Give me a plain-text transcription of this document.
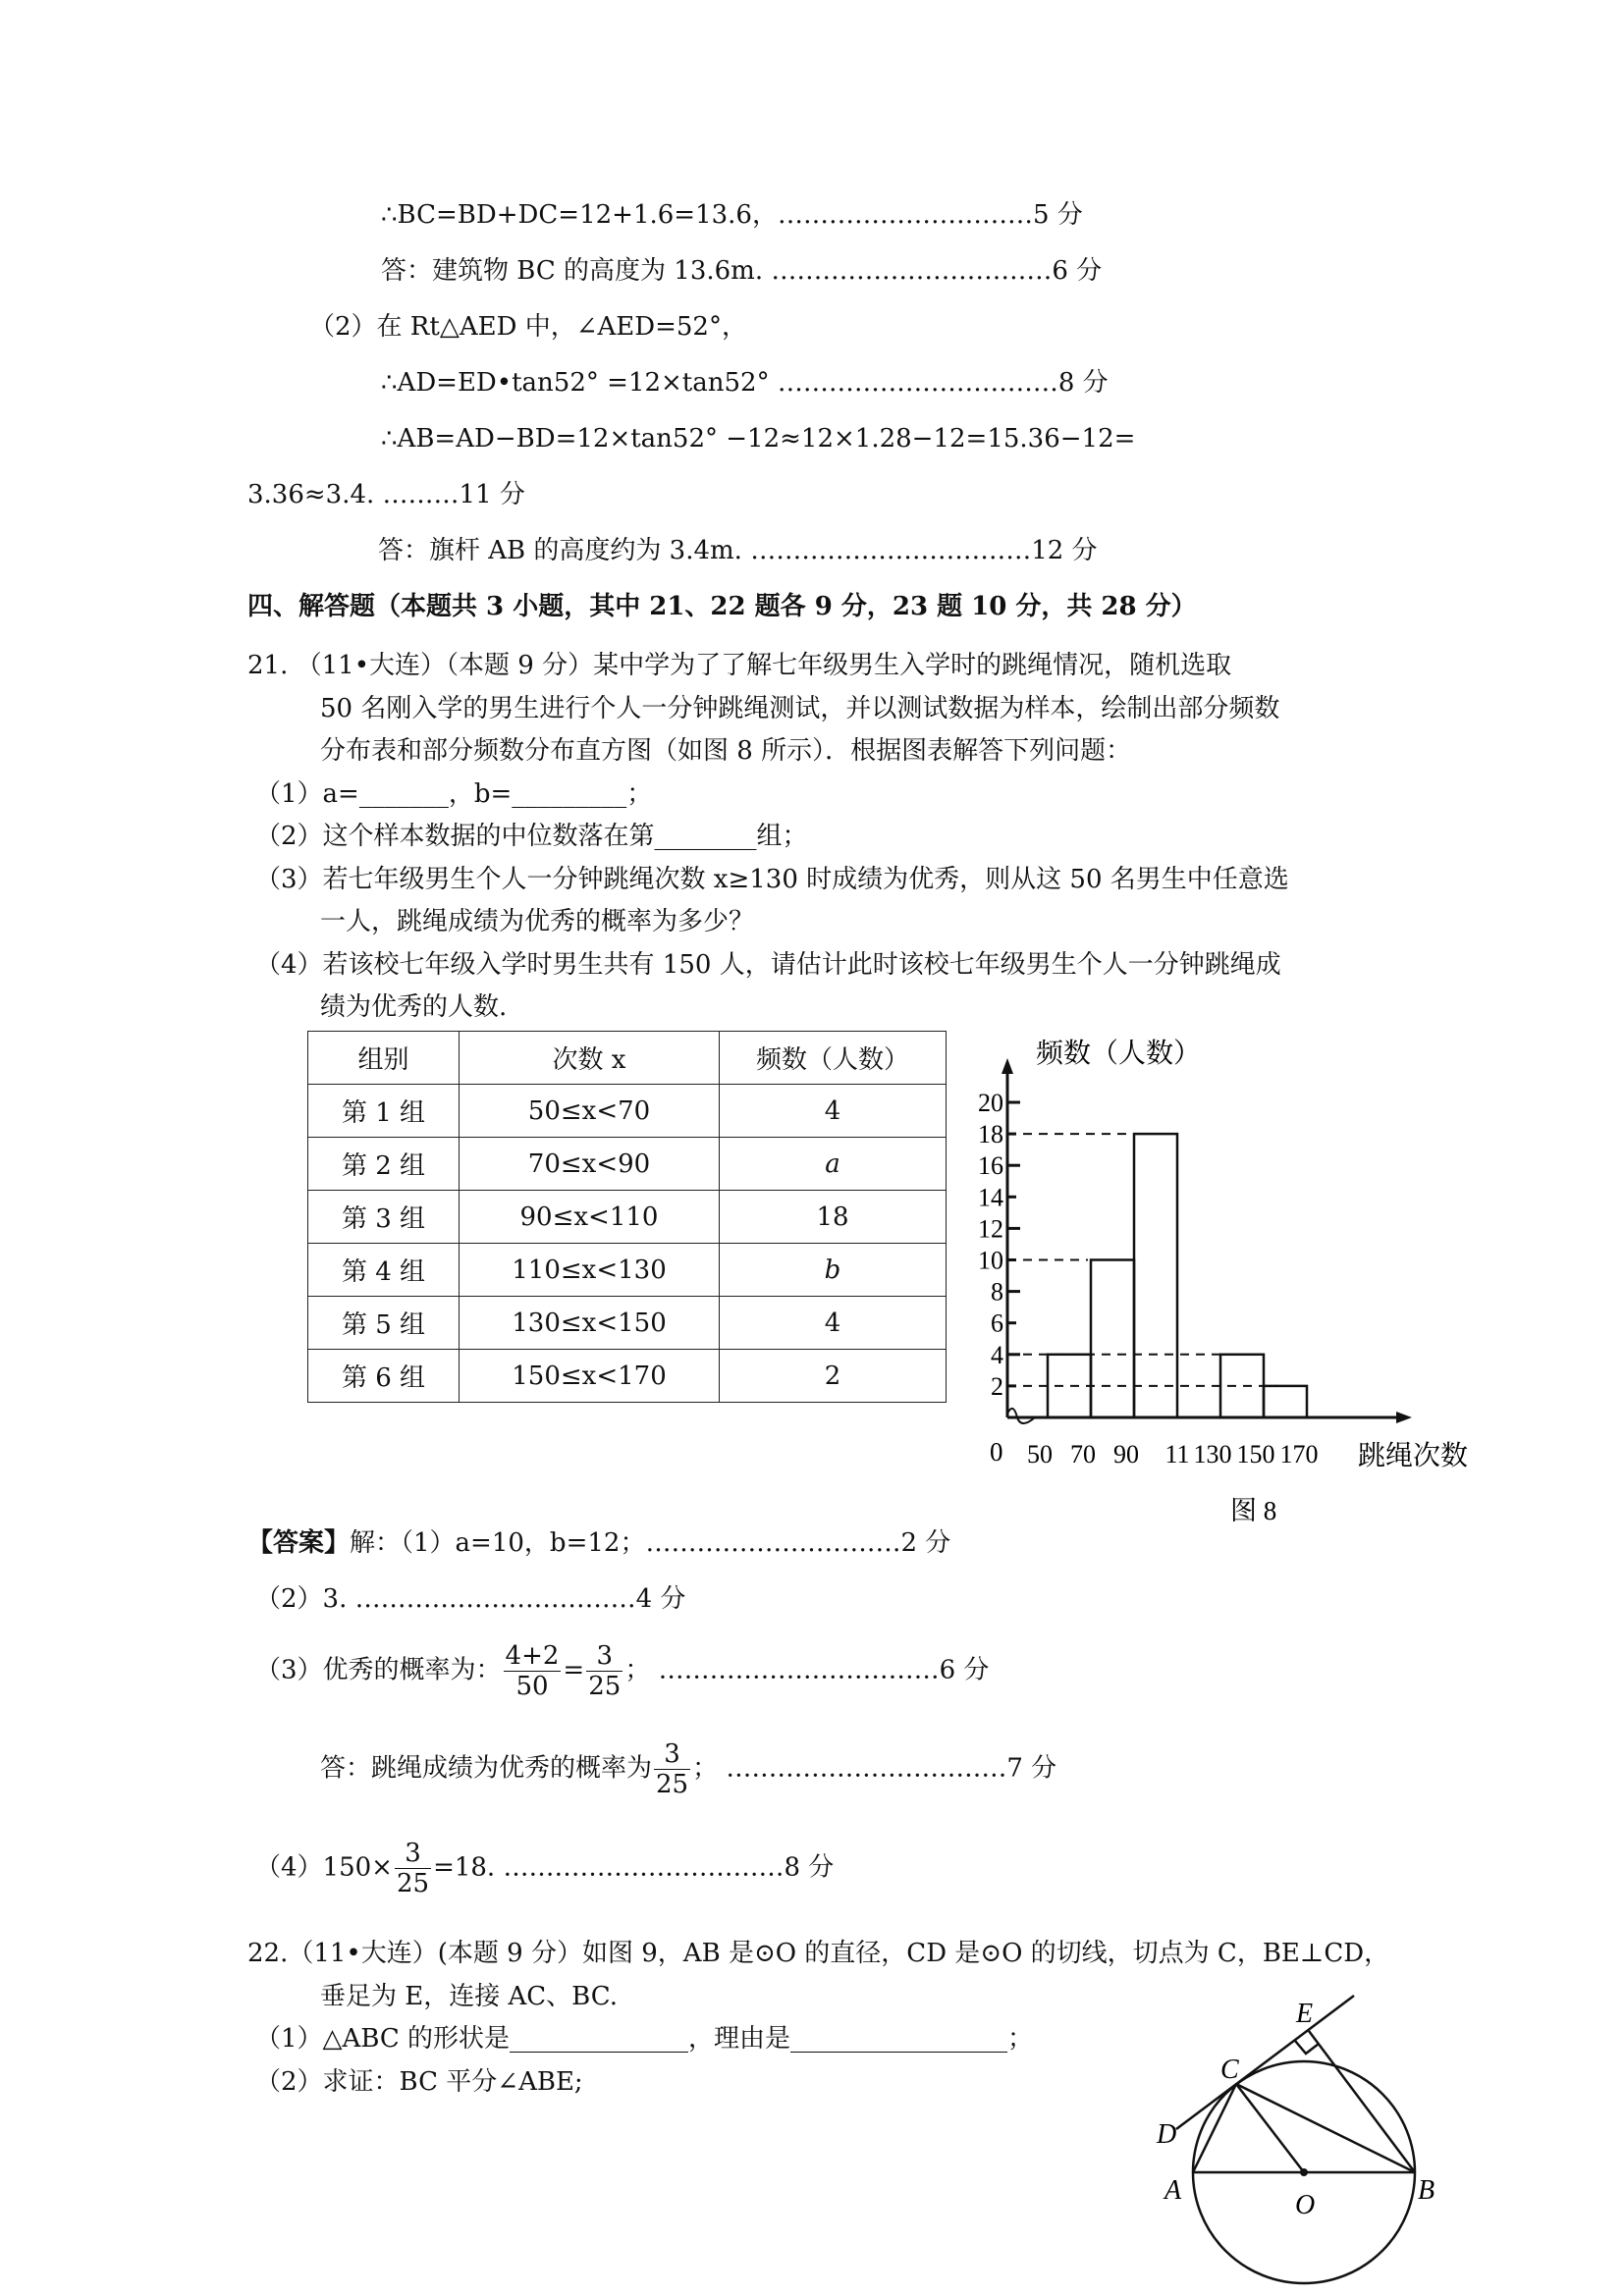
∴BC=BD+DC=12+1.6=13.6，…………………………5 分
答：建筑物 BC 的高度为 13.6m. ……………………………6 分
（2）在 Rt△AED 中，∠AED=52°，
∴AD=ED•tan52° =12×tan52° ……………………………8 分
∴AB=AD−BD=12×tan52° −12≈12×1.28−12=15.36−12=
3.36≈3.4. ………11 分
答：旗杆 AB 的高度约为 3.4m. ……………………………12 分
四、解答题（本题共 3 小题，其中 21、22 题各 9 分，23 题 10 分，共 28 分）
21. （11•大连）（本题 9 分）某中学为了了解七年级男生入学时的跳绳情况，随机选取
50 名刚入学的男生进行个人一分钟跳绳测试，并以测试数据为样本，绘制出部分频数
分布表和部分频数分布直方图（如图 8 所示）．根据图表解答下列问题：
（1）a=_______，b=_________；
（2）这个样本数据的中位数落在第________组；
（3）若七年级男生个人一分钟跳绳次数 x≥130 时成绩为优秀，则从这 50 名男生中任意选
一人，跳绳成绩为优秀的概率为多少？
（4）若该校七年级入学时男生共有 150 人，请估计此时该校七年级男生个人一分钟跳绳成
绩为优秀的人数.
组别	次数 x	频数（人数）
第 1 组	50≤x<70	4
第 2 组	70≤x<90	a
第 3 组	90≤x<110	18
第 4 组	110≤x<130	b
第 5 组	130≤x<150	4
第 6 组	150≤x<170	2
频数（人数）
跳绳次数
0
图 8
2
4
6
8
10
12
14
16
18
20
50 70 90 11 130 150 170
【答案】解：（1）a=10，b=12；…………………………2 分
（2）3. ……………………………4 分
（3）优秀的概率为： $\frac{4+2}{50} = \frac{3}{25}$ ； ……………………………6 分
答：跳绳成绩为优秀的概率为 $\frac{3}{25}$ ； ……………………………7 分
$(4)150\times \frac{3}{25} =18$. ……………………………8 分
22.（11•大连）(本题 9 分）如图 9，AB 是⊙O 的直径，CD 是⊙O 的切线，切点为 C，BE⊥CD，
垂足为 E，连接 AC、BC.
（1）△ABC 的形状是______________，理由是_________________；
（2）求证：BC 平分∠ABE;
A	B
C
D
E
O
